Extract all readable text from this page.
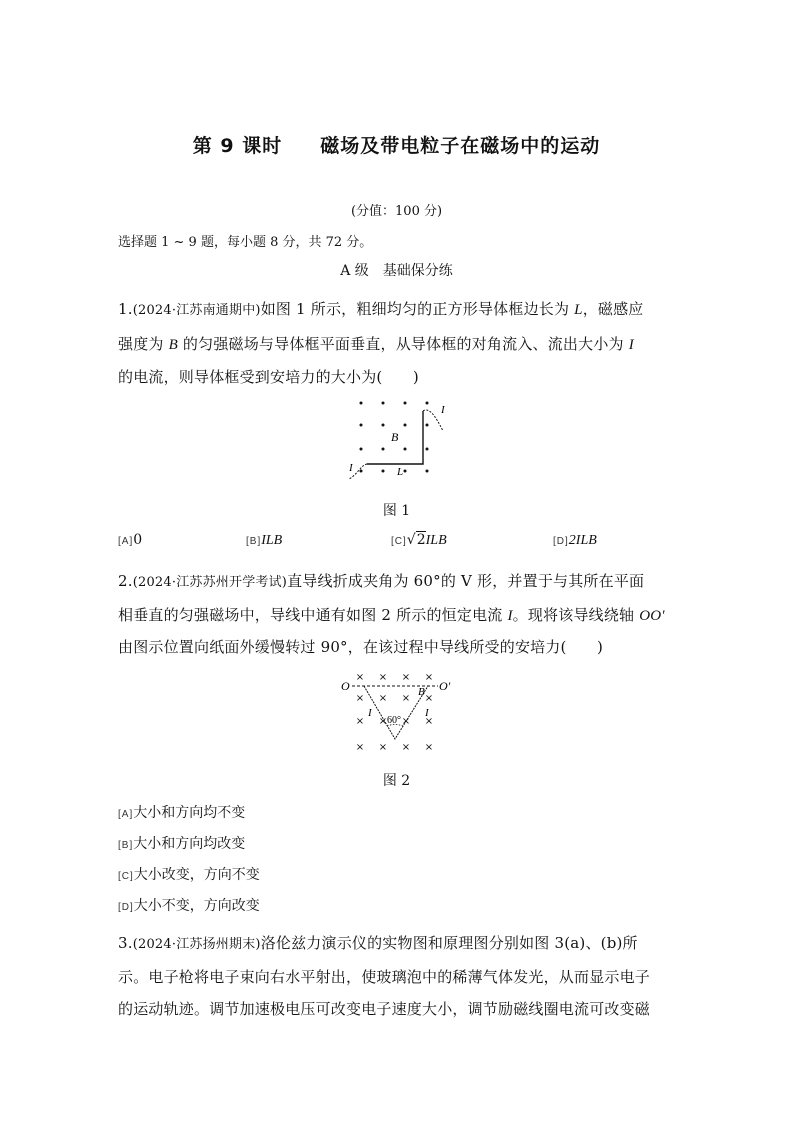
第 9 课时 磁场及带电粒子在磁场中的运动
(分值：100 分)
选择题 1 ~ 9 题，每小题 8 分，共 72 分。
A 级　基础保分练
1.(2024·江苏南通期中)如图 1 所示，粗细均匀的正方形导体框边长为 L，磁感应
强度为 B 的匀强磁场与导体框平面垂直，从导体框的对角流入、流出大小为 I
的电流，则导体框受到安培力的大小为(　　)
B
L
I
I
图 1
[A]0	[B]ILB	[C]√2ILB	[D]2ILB
2.(2024·江苏苏州开学考试)直导线折成夹角为 60°的 V 形，并置于与其所在平面
相垂直的匀强磁场中，导线中通有如图 2 所示的恒定电流 I。现将该导线绕轴 OO′
由图示位置向纸面外缓慢转过 90°，在该过程中导线所受的安培力(　　)
× × × ×
× × × ×
× × × ×
× × × ×
O	O′
B
60°
I	I
图 2
[A]大小和方向均不变
[B]大小和方向均改变
[C]大小改变，方向不变
[D]大小不变，方向改变
3.(2024·江苏扬州期末)洛伦兹力演示仪的实物图和原理图分别如图 3(a)、(b)所
示。电子枪将电子束向右水平射出，使玻璃泡中的稀薄气体发光，从而显示电子
的运动轨迹。调节加速极电压可改变电子速度大小，调节励磁线圈电流可改变磁
